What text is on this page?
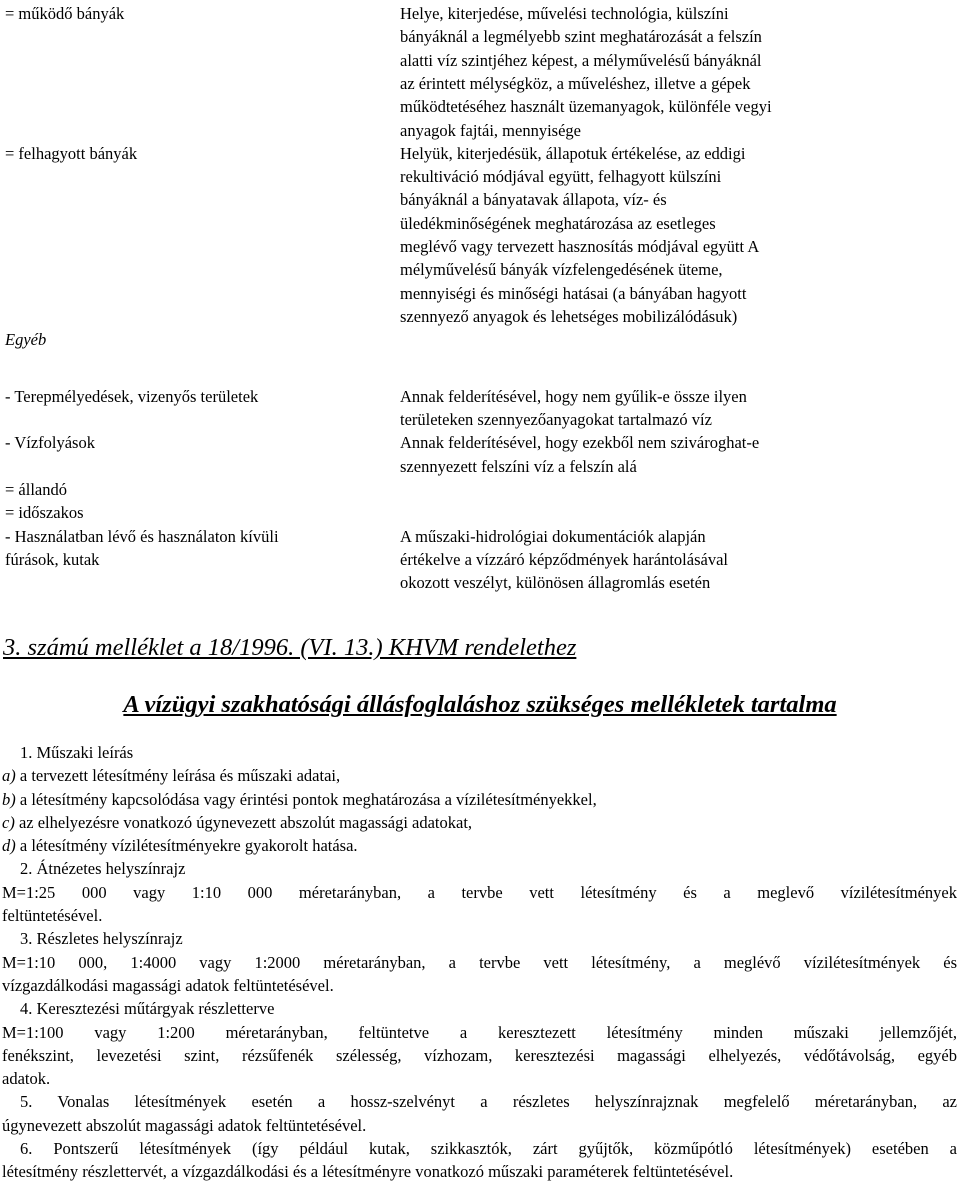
= működő bányák	Helye, kiterjedése, művelési technológia, külszíni
bányáknál a legmélyebb szint meghatározását a felszín
alatti víz szintjéhez képest, a mélyművelésű bányáknál
az érintett mélységköz, a műveléshez, illetve a gépek
működtetéséhez használt üzemanyagok, különféle vegyi
anyagok fajtái, mennyisége
= felhagyott bányák	Helyük, kiterjedésük, állapotuk értékelése, az eddigi
rekultiváció módjával együtt, felhagyott külszíni
bányáknál a bányatavak állapota, víz- és
üledékminőségének meghatározása az esetleges
meglévő vagy tervezett hasznosítás módjával együtt A
mélyművelésű bányák vízfelengedésének üteme,
mennyiségi és minőségi hatásai (a bányában hagyott
szennyező anyagok és lehetséges mobilizálódásuk)
Egyéb
- Terepmélyedések, vizenyős területek	Annak felderítésével, hogy nem gyűlik-e össze ilyen
területeken szennyezőanyagokat tartalmazó víz
- Vízfolyások	Annak felderítésével, hogy ezekből nem szivároghat-e
szennyezett felszíni víz a felszín alá
= állandó
= időszakos
- Használatban lévő és használaton kívüli	A műszaki-hidrológiai dokumentációk alapján
fúrások, kutak	értékelve a vízzáró képződmények harántolásával
okozott veszélyt, különösen állagromlás esetén
3. számú melléklet a 18/1996. (VI. 13.) KHVM rendelethez
A vízügyi szakhatósági állásfoglaláshoz szükséges mellékletek tartalma
1. Műszaki leírás
a) a tervezett létesítmény leírása és műszaki adatai,
b) a létesítmény kapcsolódása vagy érintési pontok meghatározása a vízilétesítményekkel,
c) az elhelyezésre vonatkozó úgynevezett abszolút magassági adatokat,
d) a létesítmény vízilétesítményekre gyakorolt hatása.
2. Átnézetes helyszínrajz
M=1:25 000 vagy 1:10 000 méretarányban, a tervbe vett létesítmény és a meglevő vízilétesítmények
feltüntetésével.
3. Részletes helyszínrajz
M=1:10 000, 1:4000 vagy 1:2000 méretarányban, a tervbe vett létesítmény, a meglévő vízilétesítmények és
vízgazdálkodási magassági adatok feltüntetésével.
4. Keresztezési műtárgyak részletterve
M=1:100 vagy 1:200 méretarányban, feltüntetve a keresztezett létesítmény minden műszaki jellemzőjét,
fenékszint, levezetési szint, rézsűfenék szélesség, vízhozam, keresztezési magassági elhelyezés, védőtávolság, egyéb
adatok.
5. Vonalas létesítmények esetén a hossz-szelvényt a részletes helyszínrajznak megfelelő méretarányban, az
úgynevezett abszolút magassági adatok feltüntetésével.
6. Pontszerű létesítmények (így például kutak, szikkasztók, zárt gyűjtők, közműpótló létesítmények) esetében a
létesítmény részlettervét, a vízgazdálkodási és a létesítményre vonatkozó műszaki paraméterek feltüntetésével.
